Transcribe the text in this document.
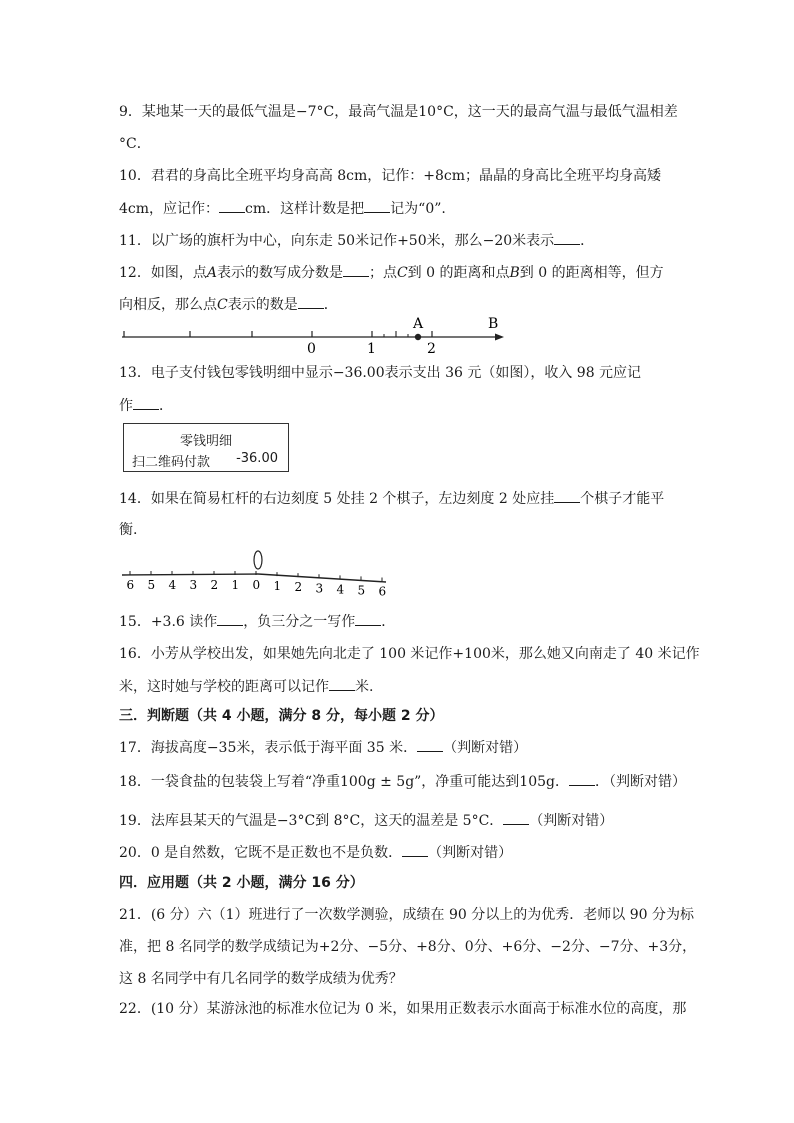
9．某地某一天的最低气温是−7°C，最高气温是10°C，这一天的最高气温与最低气温相差
°C．
10．君君的身高比全班平均身高高 8cm，记作：+8cm；晶晶的身高比全班平均身高矮
4cm，应记作： cm．这样计数是把 记为“0”.
11．以广场的旗杆为中心，向东走 50米记作+50米，那么−20米表示 ．
12．如图，点A表示的数写成分数是 ；点C到 0 的距离和点B到 0 的距离相等，但方
向相反，那么点C表示的数是 ．
A	B
0	1	2
13．电子支付钱包零钱明细中显示−36.00表示支出 36 元（如图），收入 98 元应记
作 ．
零钱明细
扫二维码付款 -36.00
14．如果在简易杠杆的右边刻度 5 处挂 2 个棋子，左边刻度 2 处应挂 个棋子才能平
衡.
6 5 4 3 2 1 0 1 2 3 4 5 6
15．+3.6 读作 ，负三分之一写作 ．
16．小芳从学校出发，如果她先向北走了 100 米记作+100米，那么她又向南走了 40 米记作
米，这时她与学校的距离可以记作 米.
三．判断题（共 4 小题，满分 8 分，每小题 2 分）
17．海拔高度−35米，表示低于海平面 35 米． （判断对错）
18．一袋食盐的包装袋上写着“净重100g ± 5g”，净重可能达到105g． ．（判断对错）
19．法库县某天的气温是−3°C到 8°C，这天的温差是 5°C． （判断对错）
20．0 是自然数，它既不是正数也不是负数． （判断对错）
四．应用题（共 2 小题，满分 16 分）
21．(6 分）六（1）班进行了一次数学测验，成绩在 90 分以上的为优秀．老师以 90 分为标
准，把 8 名同学的数学成绩记为+2分、−5分、+8分、0分、+6分、−2分、−7分、+3分，
这 8 名同学中有几名同学的数学成绩为优秀？
22．(10 分）某游泳池的标准水位记为 0 米，如果用正数表示水面高于标准水位的高度，那
